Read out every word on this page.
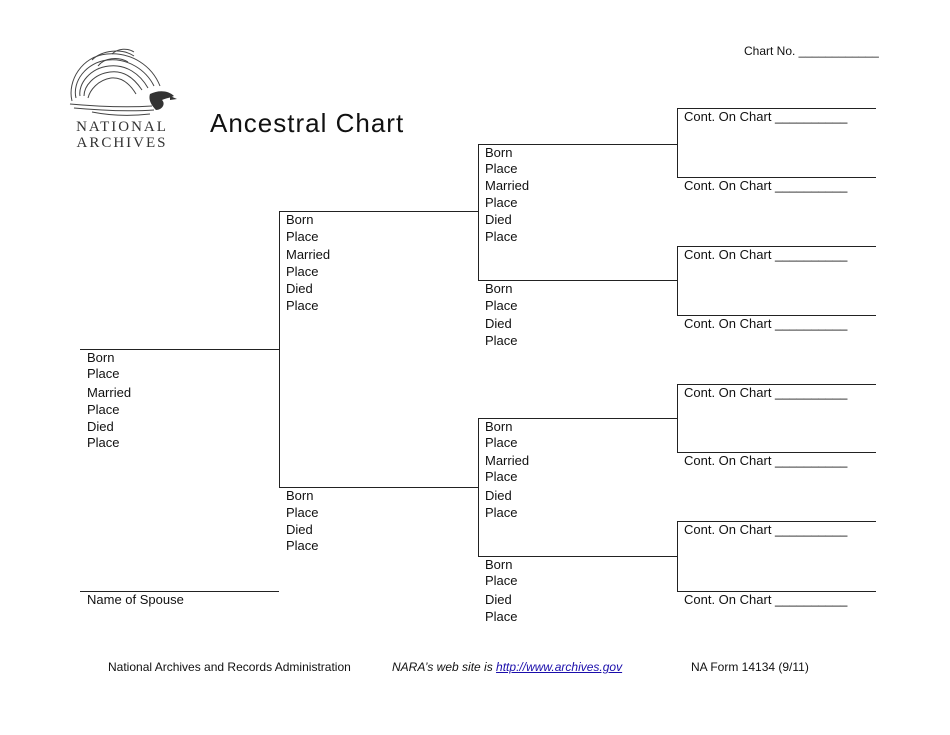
NATIONAL
ARCHIVES
Ancestral Chart
Chart No. ____________
Born
Place
Married
Place
Died
Place
Name of Spouse
Born
Place
Married
Place
Died
Place
Born
Place
Died
Place
Born
Place
Married
Place
Died
Place
Born
Place
Died
Place
Born
Place
Married
Place
Died
Place
Born
Place
Died
Place
Cont. On Chart __________
Cont. On Chart __________
Cont. On Chart __________
Cont. On Chart __________
Cont. On Chart __________
Cont. On Chart __________
Cont. On Chart __________
Cont. On Chart __________
National Archives and Records Administration	NARA’s web site is http://www.archives.gov	NA Form 14134 (9/11)
